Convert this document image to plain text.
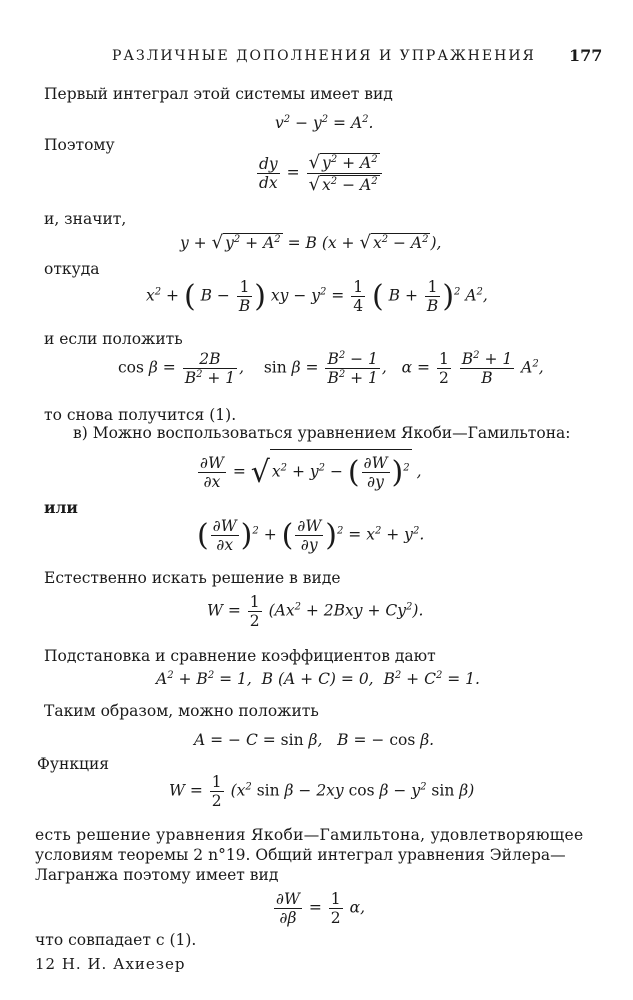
РАЗЛИЧНЫЕ ДОПОЛНЕНИЯ И УПРАЖНЕНИЯ 177
Первый интеграл этой системы имеет вид
$v^2 - y^2 = A^2$.
Поэтому
$\frac{dy}{dx} = \frac{√ y^2 + A^2}{√ x^2 - A^2}$
и, значит,
y + √ $y^2 + A^2 = B$ (x + √ $x^2 - A^2$ ),
откуда
$x^2$ + ( $B - \frac{1}{B}$ ) xy − $y^2 = \frac{1}{4}$ ( $B + \frac{1}{B} )^2$ $A^2$,
и если положить
$\cos \beta = \frac{2B}{B^2 + 1}$ ,    $\sin \beta = \frac{B^2 - 1}{B^2 + 1}$ ,   $\alpha = \frac{1}{2}$
$\frac{B^2 + 1}{B} A^2$,
то снова получится (1).
в) Можно воспользоваться уравнением Якоби—Гамильтона:
$\frac{\partial W}{\partial x}$ = √ $x^2 + y^2$ − ( $\frac{\partial W}{\partial y} )^2$ ,
или
( $\frac{\partial W}{\partial x} )^2$ + ( $\frac{\partial W}{\partial y} )^2 = x^2 + y^2$.
Естественно искать решение в виде
$W = \frac{1}{2} (Ax^2 + 2Bxy + Cy^2)$.
Подстановка и сравнение коэффициентов дают
$A^2 + B^2 = 1$,  B (A + C) = 0,  $B^2 + C^2 = 1$.
Таким образом, можно положить
A = − C = sin β,   B = − cos β.
Функция
$W = \frac{1}{2} (x^2$ sin β − 2xy $\cos \beta - y^2$ sin β)
есть решение уравнения Якоби—Гамильтона, удовлетворяющее
условиям теоремы 2 n°19. Общий интеграл уравнения Эйлера—
Лагранжа поэтому имеет вид
$\frac{\partial W}{\partial\beta} = \frac{1}{2} \alpha$,
что совпадает с (1).
12 Н. И. Ахиезер
